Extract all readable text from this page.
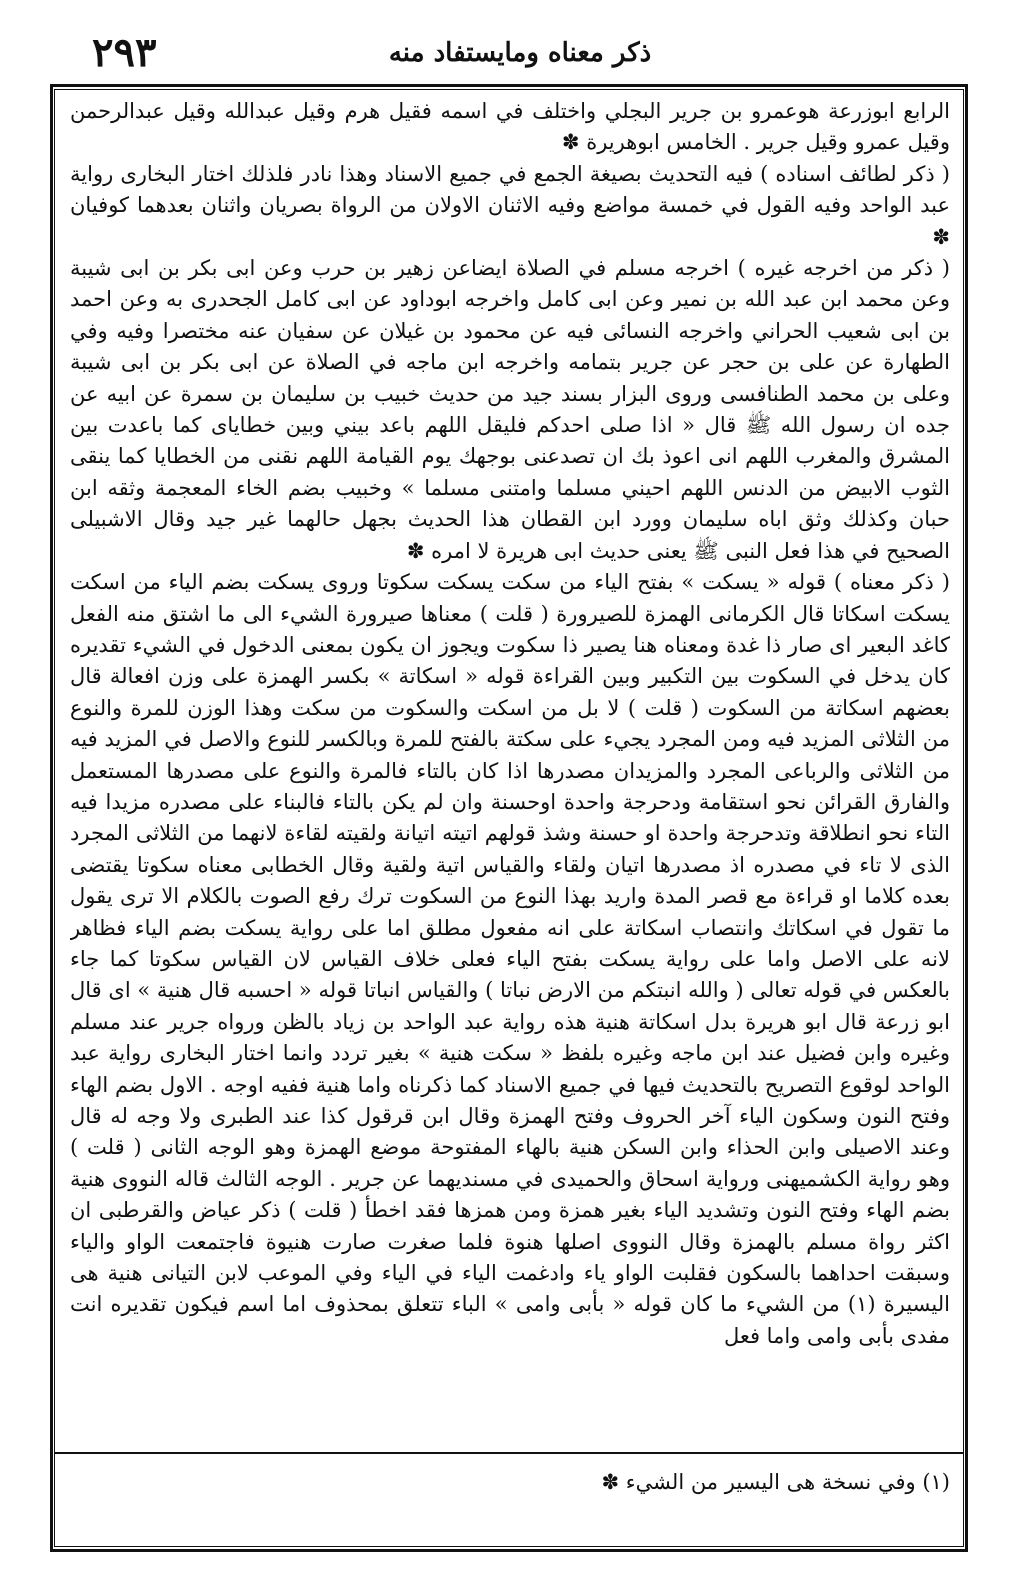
٢٩٣	ذكر معناه ومايستفاد منه

الرابع ابوزرعة هوعمرو بن جرير البجلي واختلف في اسمه فقيل هرم وقيل عبدالله وقيل عبدالرحمن وقيل عمرو وقيل جرير . الخامس ابوهريرة ✽

( ذكر لطائف اسناده ) فيه التحديث بصيغة الجمع في جميع الاسناد وهذا نادر فلذلك اختار البخارى رواية عبد الواحد وفيه القول في خمسة مواضع وفيه الاثنان الاولان من الرواة بصريان واثنان بعدهما كوفيان ✽

( ذكر من اخرجه غيره ) اخرجه مسلم في الصلاة ايضاعن زهير بن حرب وعن ابى بكر بن ابى شيبة وعن محمد ابن عبد الله بن نمير وعن ابى كامل واخرجه ابوداود عن ابى كامل الجحدرى به وعن احمد بن ابى شعيب الحراني واخرجه النسائى فيه عن محمود بن غيلان عن سفيان عنه مختصرا وفيه وفي الطهارة عن على بن حجر عن جرير بتمامه واخرجه ابن ماجه في الصلاة عن ابى بكر بن ابى شيبة وعلى بن محمد الطنافسى وروى البزار بسند جيد من حديث خبيب بن سليمان بن سمرة عن ابيه عن جده ان رسول الله ﷺ قال « اذا صلى احدكم فليقل اللهم باعد بيني وبين خطاياى كما باعدت بين المشرق والمغرب اللهم انى اعوذ بك ان تصدعنى بوجهك يوم القيامة اللهم نقنى من الخطايا كما ينقى الثوب الابيض من الدنس اللهم احيني مسلما وامتنى مسلما » وخبيب بضم الخاء المعجمة وثقه ابن حبان وكذلك وثق اباه سليمان وورد ابن القطان هذا الحديث بجهل حالهما غير جيد وقال الاشبيلى الصحيح في هذا فعل النبى ﷺ يعنى حديث ابى هريرة لا امره ✽

( ذكر معناه ) قوله « يسكت » بفتح الياء من سكت يسكت سكوتا وروى يسكت بضم الياء من اسكت يسكت اسكاتا قال الكرمانى الهمزة للصيرورة ( قلت ) معناها صيرورة الشيء الى ما اشتق منه الفعل كاغد البعير اى صار ذا غدة ومعناه هنا يصير ذا سكوت ويجوز ان يكون بمعنى الدخول في الشيء تقديره كان يدخل في السكوت بين التكبير وبين القراءة قوله « اسكاتة » بكسر الهمزة على وزن افعالة قال بعضهم اسكاتة من السكوت ( قلت ) لا بل من اسكت والسكوت من سكت وهذا الوزن للمرة والنوع من الثلاثى المزيد فيه ومن المجرد يجيء على سكتة بالفتح للمرة وبالكسر للنوع والاصل في المزيد فيه من الثلاثى والرباعى المجرد والمزيدان مصدرها اذا كان بالتاء فالمرة والنوع على مصدرها المستعمل والفارق القرائن نحو استقامة ودحرجة واحدة اوحسنة وان لم يكن بالتاء فالبناء على مصدره مزيدا فيه التاء نحو انطلاقة وتدحرجة واحدة او حسنة وشذ قولهم اتيته اتيانة ولقيته لقاءة لانهما من الثلاثى المجرد الذى لا تاء في مصدره اذ مصدرها اتيان ولقاء والقياس اتية ولقية وقال الخطابى معناه سكوتا يقتضى بعده كلاما او قراءة مع قصر المدة واريد بهذا النوع من السكوت ترك رفع الصوت بالكلام الا ترى يقول ما تقول في اسكاتك وانتصاب اسكاتة على انه مفعول مطلق اما على رواية يسكت بضم الياء فظاهر لانه على الاصل واما على رواية يسكت بفتح الياء فعلى خلاف القياس لان القياس سكوتا كما جاء بالعكس في قوله تعالى ( والله انبتكم من الارض نباتا ) والقياس انباتا قوله « احسبه قال هنية » اى قال ابو زرعة قال ابو هريرة بدل اسكاتة هنية هذه رواية عبد الواحد بن زياد بالظن ورواه جرير عند مسلم وغيره وابن فضيل عند ابن ماجه وغيره بلفظ « سكت هنية » بغير تردد وانما اختار البخارى رواية عبد الواحد لوقوع التصريح بالتحديث فيها في جميع الاسناد كما ذكرناه واما هنية ففيه اوجه . الاول بضم الهاء وفتح النون وسكون الياء آخر الحروف وفتح الهمزة وقال ابن قرقول كذا عند الطبرى ولا وجه له قال وعند الاصيلى وابن الحذاء وابن السكن هنية بالهاء المفتوحة موضع الهمزة وهو الوجه الثانى ( قلت ) وهو رواية الكشميهنى ورواية اسحاق والحميدى في مسنديهما عن جرير . الوجه الثالث قاله النووى هنية بضم الهاء وفتح النون وتشديد الياء بغير همزة ومن همزها فقد اخطأ ( قلت ) ذكر عياض والقرطبى ان اكثر رواة مسلم بالهمزة وقال النووى اصلها هنوة فلما صغرت صارت هنيوة فاجتمعت الواو والياء وسبقت احداهما بالسكون فقلبت الواو ياء وادغمت الياء في الياء وفي الموعب لابن التيانى هنية هى اليسيرة (١) من الشيء ما كان قوله « بأبى وامى » الباء تتعلق بمحذوف اما اسم فيكون تقديره انت مفدى بأبى وامى واما فعل

(١) وفي نسخة هى اليسير من الشيء ✽
